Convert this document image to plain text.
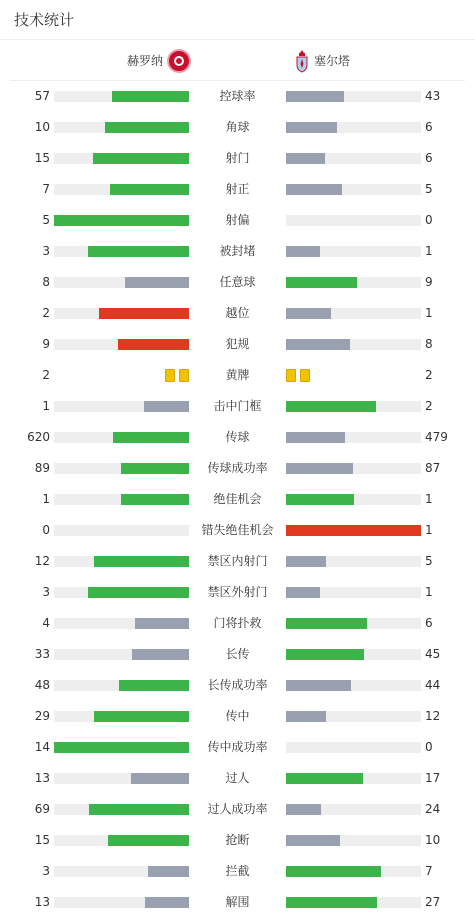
技术统计
赫罗纳	塞尔塔
57	控球率	43
10	角球	6
15	射门	6
7	射正	5
5	射偏	0
3	被封堵	1
8	任意球	9
2	越位	1
9	犯规	8
2	黄牌	2
1	击中门框	2
620	传球	479
89	传球成功率	87
1	绝佳机会	1
0	错失绝佳机会	1
12	禁区内射门	5
3	禁区外射门	1
4	门将扑救	6
33	长传	45
48	长传成功率	44
29	传中	12
14	传中成功率	0
13	过人	17
69	过人成功率	24
15	抢断	10
3	拦截	7
13	解围	27
